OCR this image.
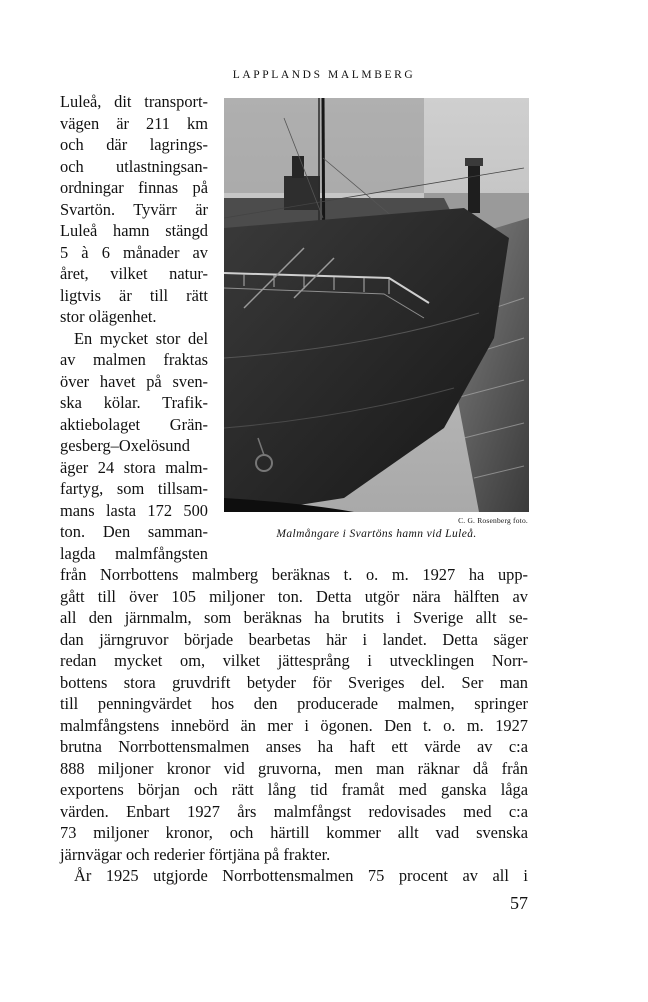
LAPPLANDS MALMBERG
Luleå, dit transport-
vägen är 211 km
och där lagrings-
och utlastningsan-
ordningar finnas på
Svartön. Tyvärr är
Luleå hamn stängd
5 à 6 månader av
året, vilket natur-
ligtvis är till rätt
stor olägenhet.
En mycket stor del
av malmen fraktas
över havet på sven-
ska kölar. Trafik-
aktiebolaget Grän-
gesberg–Oxelösund
äger 24 stora malm-
fartyg, som tillsam-
mans lasta 172 500
ton. Den samman-
lagda malmfångsten
C. G. Rosenberg foto.
Malmångare i Svartöns hamn vid Luleå.
från Norrbottens malmberg beräknas t. o. m. 1927 ha upp-
gått till över 105 miljoner ton. Detta utgör nära hälften av
all den järnmalm, som beräknas ha brutits i Sverige allt se-
dan järngruvor började bearbetas här i landet. Detta säger
redan mycket om, vilket jättesprång i utvecklingen Norr-
bottens stora gruvdrift betyder för Sveriges del. Ser man
till penningvärdet hos den producerade malmen, springer
malmfångstens innebörd än mer i ögonen. Den t. o. m. 1927
brutna Norrbottensmalmen anses ha haft ett värde av c:a
888 miljoner kronor vid gruvorna, men man räknar då från
exportens början och rätt lång tid framåt med ganska låga
värden. Enbart 1927 års malmfångst redovisades med c:a
73 miljoner kronor, och härtill kommer allt vad svenska
järnvägar och rederier förtjäna på frakter.
År 1925 utgjorde Norrbottensmalmen 75 procent av all i
57
